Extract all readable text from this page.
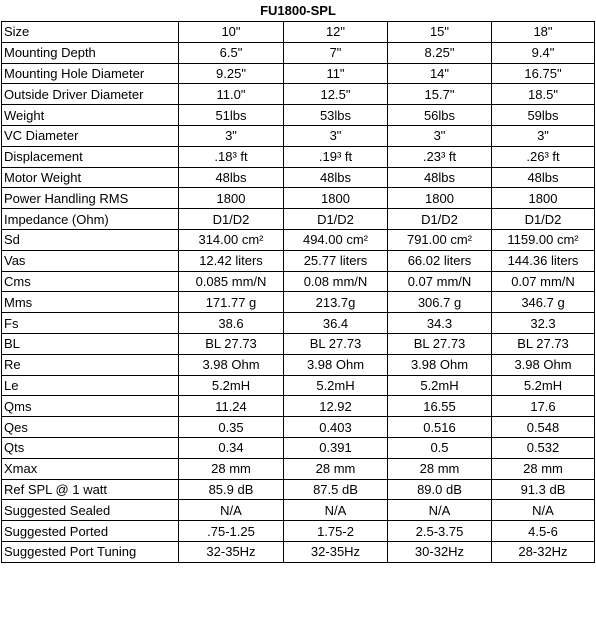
FU1800-SPL
Size	10"	12"	15"	18"
Mounting Depth	6.5"	7"	8.25"	9.4"
Mounting Hole Diameter	9.25"	11"	14"	16.75"
Outside Driver Diameter	11.0"	12.5"	15.7"	18.5"
Weight	51lbs	53lbs	56lbs	59lbs
VC Diameter	3"	3"	3"	3"
Displacement	.18³ ft	.19³ ft	.23³ ft	.26³ ft
Motor Weight	48lbs	48lbs	48lbs	48lbs
Power Handling RMS	1800	1800	1800	1800
Impedance (Ohm)	D1/D2	D1/D2	D1/D2	D1/D2
Sd	314.00 cm²	494.00 cm²	791.00 cm²	1159.00 cm²
Vas	12.42 liters	25.77 liters	66.02 liters	144.36 liters
Cms	0.085 mm/N	0.08 mm/N	0.07 mm/N	0.07 mm/N
Mms	171.77 g	213.7g	306.7 g	346.7 g
Fs	38.6	36.4	34.3	32.3
BL	BL 27.73	BL 27.73	BL 27.73	BL 27.73
Re	3.98 Ohm	3.98 Ohm	3.98 Ohm	3.98 Ohm
Le	5.2mH	5.2mH	5.2mH	5.2mH
Qms	11.24	12.92	16.55	17.6
Qes	0.35	0.403	0.516	0.548
Qts	0.34	0.391	0.5	0.532
Xmax	28 mm	28 mm	28 mm	28 mm
Ref SPL @ 1 watt	85.9 dB	87.5 dB	89.0 dB	91.3 dB
Suggested Sealed	N/A	N/A	N/A	N/A
Suggested Ported	.75-1.25	1.75-2	2.5-3.75	4.5-6
Suggested Port Tuning	32-35Hz	32-35Hz	30-32Hz	28-32Hz
